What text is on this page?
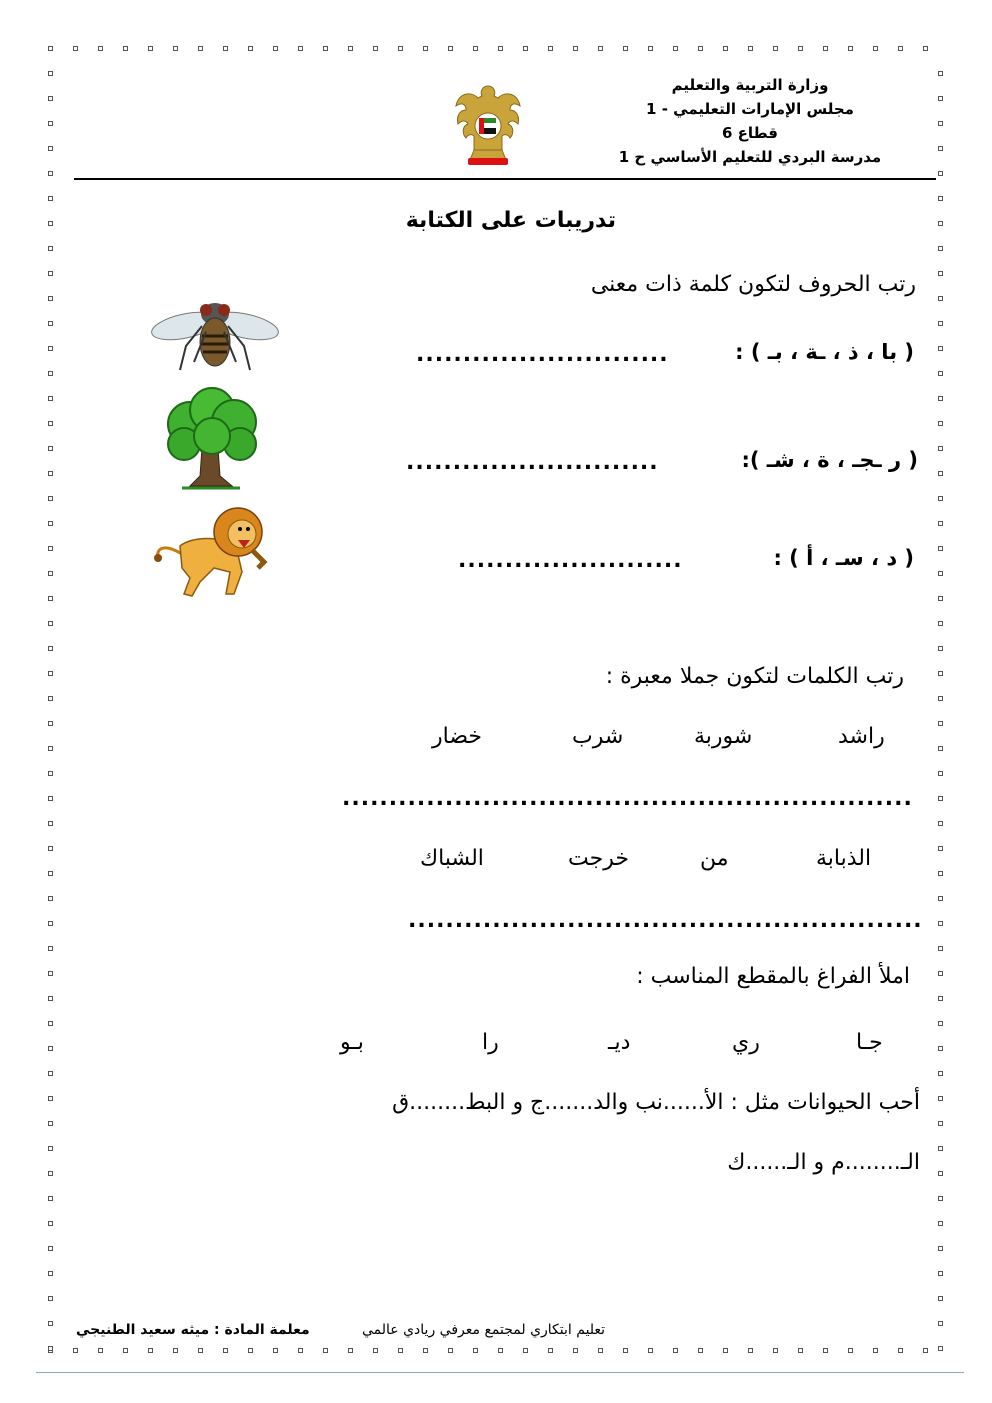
وزارة التربية والتعليم
مجلس الإمارات التعليمي - 1
قطاع 6
مدرسة البردي للتعليم الأساسي ح 1
تدريبات على الكتابة
رتب الحروف لتكون كلمة ذات معنى
( با ، ذ ، ـة ، بـ ) :
...........................
( ر ـجـ ، ة ، شـ ):
...........................
( د ، سـ ، أ ) :
........................
رتب الكلمات لتكون جملا معبرة :
راشد
شوربة
شرب
خضار
.............................................................
الذبابة
من
خرجت
الشباك
.......................................................
املأ الفراغ بالمقطع المناسب :
جـا
ري
ديـ
را
بـو
أحب الحيوانات مثل : الأ......نب والد.......ج و البط........ق
الـ........م و الـ......ك
تعليم ابتكاري لمجتمع معرفي ريادي عالمي
معلمة المادة : ميثه سعيد الطنيجي
